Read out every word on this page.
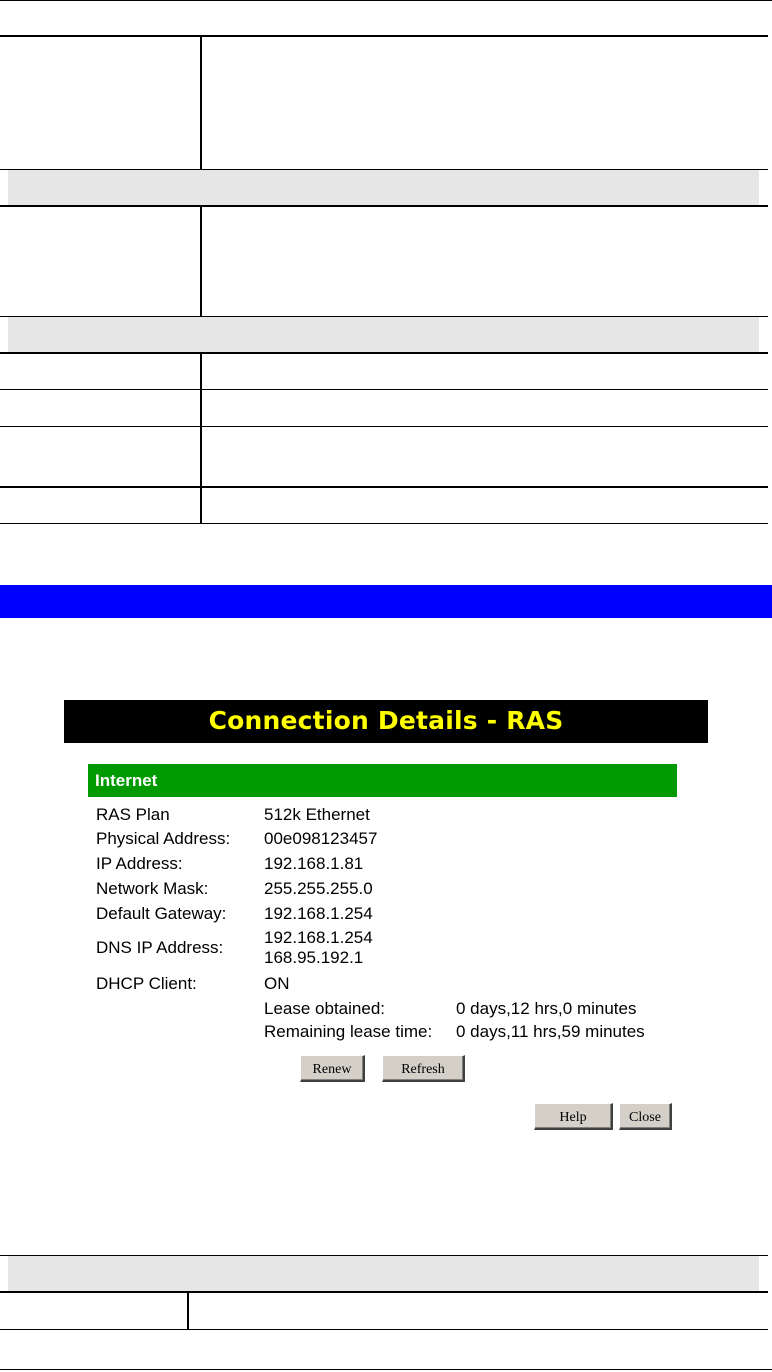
Connection Details - RAS
Internet
RAS Plan	512k Ethernet
Physical Address: 00e098123457
IP Address:	192.168.1.81
Network Mask:	255.255.255.0
Default Gateway: 192.168.1.254
DNS IP Address:
192.168.1.254
168.95.192.1
DHCP Client:	ON
Lease obtained:	0 days,12 hrs,0 minutes
Remaining lease time: 0 days,11 hrs,59 minutes
Renew	Refresh
Help	Close
